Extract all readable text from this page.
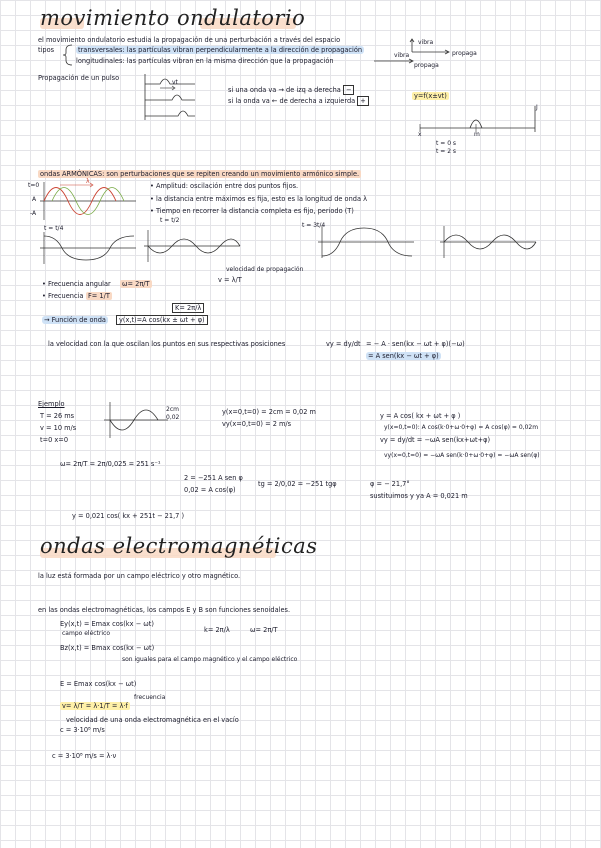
movimiento ondulatorio
el movimiento ondulatorio estudia la propagación de una perturbación a través del espacio
tipos	transversales: las partículas vibran perpendicularmente a la dirección de propagación
longitudinales: las partículas vibran en la misma dirección que la propagación
vibra
propaga
vibra
propaga
Propagación de un pulso
vt
si una onda va → de izq a derecha −
si la onda va ← de derecha a izquierda +
y=f(x±vt)
x	m
t = 0 s
t = 2 s
J
ondas ARMÓNICAS: son perturbaciones que se repiten creando un movimiento armónico simple.
• Amplitud: oscilación entre dos puntos fijos.
• la distancia entre máximos es fija, esto es la longitud de onda λ
• Tiempo en recorrer la distancia completa es fijo, periodo (T)
t=0
λ
A
-A
t = t/4
t = t/2
t = 3t/4
velocidad de propagación
v = λ/T
• Frecuencia angular	ω= 2π/T
• Frecuencia F= 1/T
K= 2π/λ
→ Función de onda	y(x,t)=A cos(kx ± ωt + φ)
la velocidad con la que oscilan los puntos en sus respectivas posiciones	vy = dy/dt = − A · sen(kx − ωt + φ)(−ω)
= A sen(kx − ωt + φ)
Ejemplo
T = 26 ms
v = 10 m/s
t=0 x=0
2cm
0,02
y(x=0,t=0) = 2cm = 0,02 m
vy(x=0,t=0) = 2 m/s
y = A cos( kx + ωt + φ )
y(x=0,t=0): A cos(k·0+ω·0+φ) = A cos(φ) = 0,02m
vy = dy/dt = −ωA sen(kx+ωt+φ)
vy(x=0,t=0) = −ωA sen(k·0+ω·0+φ) = −ωA sen(φ)
ω= 2π/T = 2π/0,025 = 251 s⁻¹
2 = −251 A sen φ
0,02 = A cos(φ)
tg = 2/0,02 = −251 tgφ	φ = − 21,7°
sustituimos y ya A = 0,021 m
y = 0,021 cos( kx + 251t − 21,7 )
ondas electromagnéticas
la luz está formada por un campo eléctrico y otro magnético.
en las ondas electromagnéticas, los campos E y B son funciones senoidales.
Ey(x,t) = Emax cos(kx − ωt)
campo eléctrico	k= 2π/λ	ω= 2π/T
Bz(x,t) = Bmax cos(kx − ωt)
son iguales para el campo magnético y el campo eléctrico
E = Emax cos(kx − ωt)
v= λ/T = λ·1/T = λ·f
frecuencia
velocidad de una onda electromagnética en el vacío
c = 3·10⁸ m/s
c = 3·10⁸ m/s = λ·ν
